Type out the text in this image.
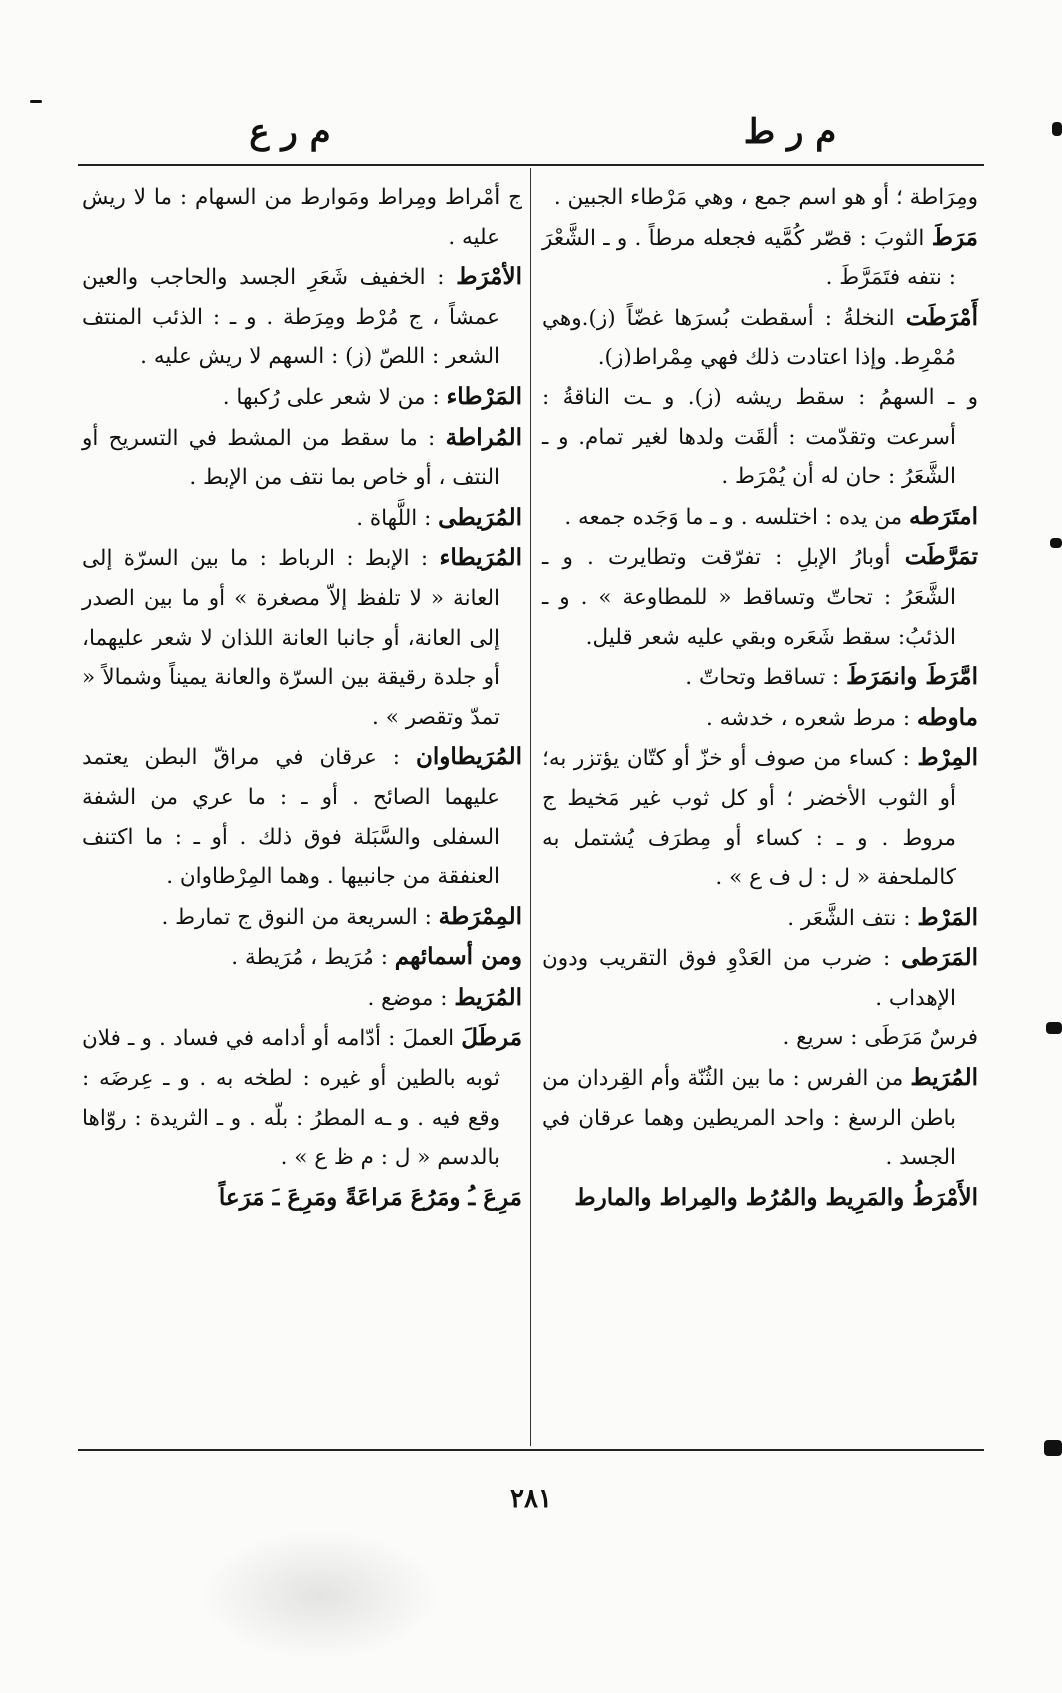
م ر ط
م ر ع

ومِرَاطة ؛ أو هو اسم جمع ، وهي مَرْطاء الجبين .

مَرَطَ الثوبَ : قصّر كُمَّيه فجعله مرطاً . و ـ الشَّعْرَ : نتفه فتَمَرَّطَ .

أَمْرَطَت النخلةُ : أسقطت بُسرَها غضّاً (ز).وهي مُمْرِط. وإذا اعتادت ذلك فهي مِمْراط(ز).

و ـ السهمُ : سقط ريشه (ز). و ـت الناقةُ : أسرعت وتقدّمت : ألقَت ولدها لغير تمام. و ـ الشَّعَرُ : حان له أن يُمْرَط .

امتَرَطه من يده : اختلسه . و ـ ما وَجَده جمعه .

تمَرَّطَت أوبارُ الإبلِ : تفرّقت وتطايرت . و ـ الشَّعَرُ : تحاتّ وتساقط « للمطاوعة » . و ـ الذئبُ: سقط شَعَره وبقي عليه شعر قليل.

امَّرَطَ وانمَرَطَ : تساقط وتحاتّ .

ماوطه : مرط شعره ، خدشه .

المِرْط : كساء من صوف أو خزّ أو كتّان يؤتزر به؛ أو الثوب الأخضر ؛ أو كل ثوب غير مَخيط ج مروط . و ـ : كساء أو مِطرَف يُشتمل به كالملحفة « ل : ل ف ع » .

المَرْط : نتف الشَّعَر .

المَرَطى : ضرب من العَدْوِ فوق التقريب ودون الإهداب .

فرسٌ مَرَطَى : سريع .

المُرَيط من الفرس : ما بين الثُنّة وأم القِردان من باطن الرسغ : واحد المريطين وهما عرقان في الجسد .

الأَمْرَطُ والمَرِيط والمُرُط والمِراط والمارط

ج أمْراط ومِراط ومَوارط من السهام : ما لا ريش عليه .

الأمْرَط : الخفيف شَعَرِ الجسد والحاجب والعين عمشاً ، ج مُرْط ومِرَطة . و ـ : الذئب المنتف الشعر : اللصّ (ز) : السهم لا ريش عليه .

المَرْطاء : من لا شعر على رُكبها .

المُراطة : ما سقط من المشط في التسريح أو النتف ، أو خاص بما نتف من الإبط .

المُرَيطى : اللَّهاة .

المُرَيطاء : الإبط : الرباط : ما بين السرّة إلى العانة « لا تلفظ إلاّ مصغرة » أو ما بين الصدر إلى العانة، أو جانبا العانة اللذان لا شعر عليهما، أو جلدة رقيقة بين السرّة والعانة يميناً وشمالاً « تمدّ وتقصر » .

المُرَيطاوان : عرقان في مراقّ البطن يعتمد عليهما الصائح . أو ـ : ما عري من الشفة السفلى والسَّبَلة فوق ذلك . أو ـ : ما اكتنف العنفقة من جانبيها . وهما المِرْطاوان .

المِمْرَطة : السريعة من النوق ج تمارط .

ومن أسمائهم : مُرَيط ، مُرَيطة .

المُرَيط : موضع .

مَرطَلَ العملَ : أدّامه أو أدامه في فساد . و ـ فلان ثوبه بالطين أو غيره : لطخه به . و ـ عِرضَه : وقع فيه . و ـه المطرُ : بلّه . و ـ الثريدة : روّاها بالدسم « ل : م ظ ع » .

مَرِعَ ـُ ومَرُعَ مَراعَةً ومَرِعَ ـَ مَرَعاً

٢٨١
